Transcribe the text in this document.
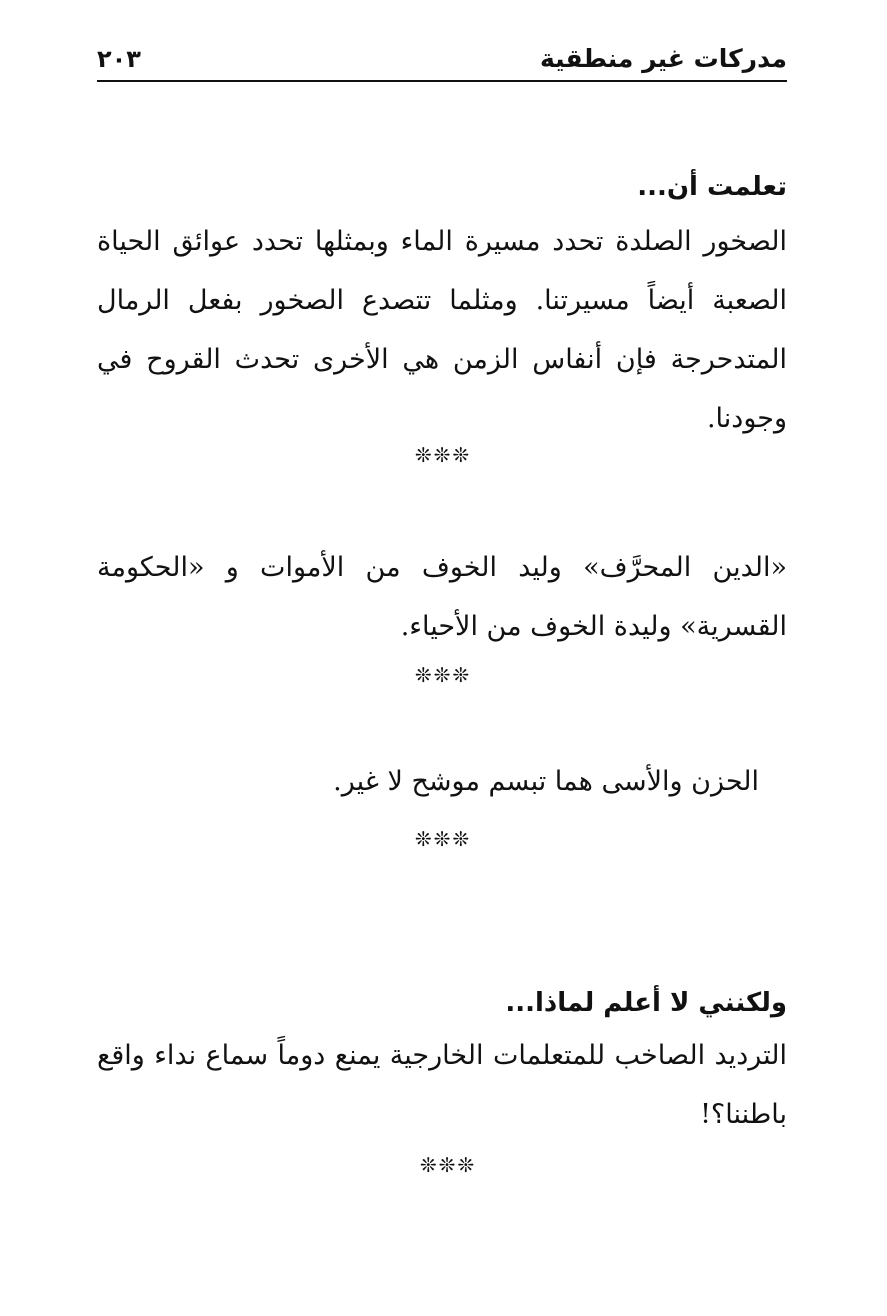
مدركات غير منطقية
٢٠٣
تعلمت أن...

الصخور الصلدة تحدد مسيرة الماء وبمثلها تحدد عوائق الحياة الصعبة أيضاً مسيرتنا. ومثلما تتصدع الصخور بفعل الرمال المتدحرجة فإن أنفاس الزمن هي الأخرى تحدث القروح في وجودنا.

❊❊❊

«الدين المحرَّف» وليد الخوف من الأموات و «الحكومة القسرية» وليدة الخوف من الأحياء.

❊❊❊

الحزن والأسى هما تبسم موشح لا غير.

❊❊❊
ولكنني لا أعلم لماذا...

الترديد الصاخب للمتعلمات الخارجية يمنع دوماً سماع نداء واقع باطننا؟!

❊❊❊
